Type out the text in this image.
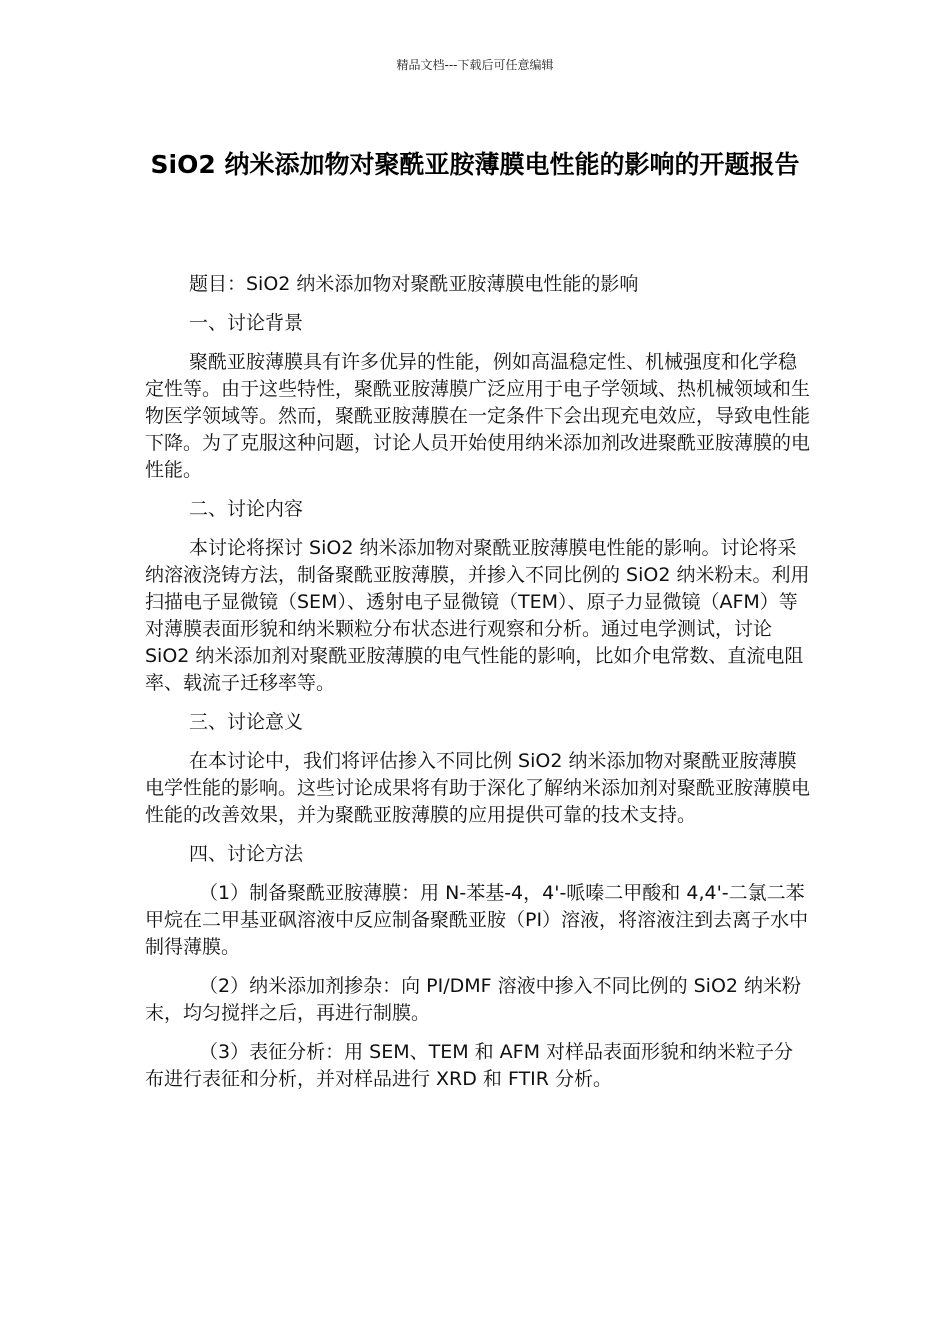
精品文档---下载后可任意编辑
SiO2 纳米添加物对聚酰亚胺薄膜电性能的影响的开题报告

题目：SiO2 纳米添加物对聚酰亚胺薄膜电性能的影响

一、讨论背景

聚酰亚胺薄膜具有许多优异的性能，例如高温稳定性、机械强度和化学稳定性等。由于这些特性，聚酰亚胺薄膜广泛应用于电子学领域、热机械领域和生物医学领域等。然而，聚酰亚胺薄膜在一定条件下会出现充电效应，导致电性能下降。为了克服这种问题，讨论人员开始使用纳米添加剂改进聚酰亚胺薄膜的电性能。

二、讨论内容

本讨论将探讨 SiO2 纳米添加物对聚酰亚胺薄膜电性能的影响。讨论将采纳溶液浇铸方法，制备聚酰亚胺薄膜，并掺入不同比例的 SiO2 纳米粉末。利用扫描电子显微镜（SEM）、透射电子显微镜（TEM）、原子力显微镜（AFM）等对薄膜表面形貌和纳米颗粒分布状态进行观察和分析。通过电学测试，讨论 SiO2 纳米添加剂对聚酰亚胺薄膜的电气性能的影响，比如介电常数、直流电阻率、载流子迁移率等。

三、讨论意义

在本讨论中，我们将评估掺入不同比例 SiO2 纳米添加物对聚酰亚胺薄膜电学性能的影响。这些讨论成果将有助于深化了解纳米添加剂对聚酰亚胺薄膜电性能的改善效果，并为聚酰亚胺薄膜的应用提供可靠的技术支持。

四、讨论方法

（1）制备聚酰亚胺薄膜：用 N-苯基-4，4'-哌嗪二甲酸和 4,4'-二氯二苯甲烷在二甲基亚砜溶液中反应制备聚酰亚胺（PI）溶液，将溶液注到去离子水中制得薄膜。

（2）纳米添加剂掺杂：向 PI/DMF 溶液中掺入不同比例的 SiO2 纳米粉末，均匀搅拌之后，再进行制膜。

（3）表征分析：用 SEM、TEM 和 AFM 对样品表面形貌和纳米粒子分布进行表征和分析，并对样品进行 XRD 和 FTIR 分析。
